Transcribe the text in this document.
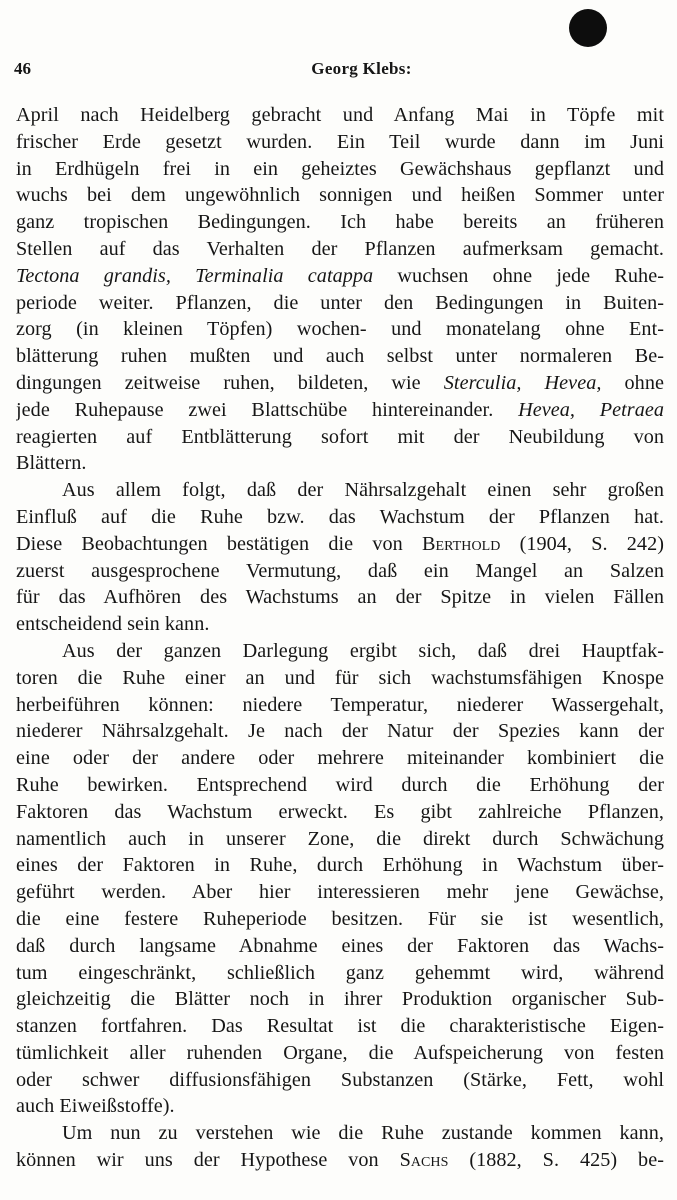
46	Georg Klebs:
April nach Heidelberg gebracht und Anfang Mai in Töpfe mit
frischer Erde gesetzt wurden. Ein Teil wurde dann im Juni
in Erdhügeln frei in ein geheiztes Gewächshaus gepflanzt und
wuchs bei dem ungewöhnlich sonnigen und heißen Sommer unter
ganz tropischen Bedingungen. Ich habe bereits an früheren
Stellen auf das Verhalten der Pflanzen aufmerksam gemacht.
Tectona grandis, Terminalia catappa wuchsen ohne jede Ruhe-
periode weiter. Pflanzen, die unter den Bedingungen in Buiten-
zorg (in kleinen Töpfen) wochen- und monatelang ohne Ent-
blätterung ruhen mußten und auch selbst unter normaleren Be-
dingungen zeitweise ruhen, bildeten, wie Sterculia, Hevea, ohne
jede Ruhepause zwei Blattschübe hintereinander. Hevea, Petraea
reagierten auf Entblätterung sofort mit der Neubildung von
Blättern.
Aus allem folgt, daß der Nährsalzgehalt einen sehr großen
Einfluß auf die Ruhe bzw. das Wachstum der Pflanzen hat.
Diese Beobachtungen bestätigen die von Berthold (1904, S. 242)
zuerst ausgesprochene Vermutung, daß ein Mangel an Salzen
für das Aufhören des Wachstums an der Spitze in vielen Fällen
entscheidend sein kann.
Aus der ganzen Darlegung ergibt sich, daß drei Hauptfak-
toren die Ruhe einer an und für sich wachstumsfähigen Knospe
herbeiführen können: niedere Temperatur, niederer Wassergehalt,
niederer Nährsalzgehalt. Je nach der Natur der Spezies kann der
eine oder der andere oder mehrere miteinander kombiniert die
Ruhe bewirken. Entsprechend wird durch die Erhöhung der
Faktoren das Wachstum erweckt. Es gibt zahlreiche Pflanzen,
namentlich auch in unserer Zone, die direkt durch Schwächung
eines der Faktoren in Ruhe, durch Erhöhung in Wachstum über-
geführt werden. Aber hier interessieren mehr jene Gewächse,
die eine festere Ruheperiode besitzen. Für sie ist wesentlich,
daß durch langsame Abnahme eines der Faktoren das Wachs-
tum eingeschränkt, schließlich ganz gehemmt wird, während
gleichzeitig die Blätter noch in ihrer Produktion organischer Sub-
stanzen fortfahren. Das Resultat ist die charakteristische Eigen-
tümlichkeit aller ruhenden Organe, die Aufspeicherung von festen
oder schwer diffusionsfähigen Substanzen (Stärke, Fett, wohl
auch Eiweißstoffe).
Um nun zu verstehen wie die Ruhe zustande kommen kann,
können wir uns der Hypothese von Sachs (1882, S. 425) be-
